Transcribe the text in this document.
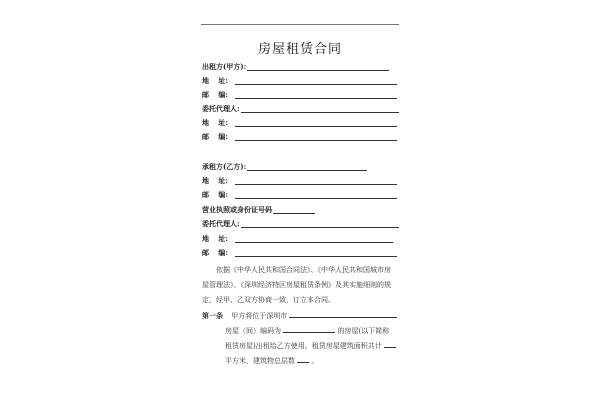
房屋租赁合同
出租方(甲方):
地　 址:
邮　 编:
委托代理人:
地　 址:
邮　 编:
承租方(乙方):
地　 址:
邮　 编:
营业执照或身份证号码
委托代理人:
地　 址:
邮　 编:
依据《中华人民共和国合同法》、《中华人民共和国城市房
屋管理法》、《深圳经济特区房屋租赁条例》及其实施细则的规
定，经甲、乙双方协商一致，订立本合同。
第一条 甲方将位于深圳市
房屋（间）编码为	的房屋(以下简称
租赁房屋)出租给乙方使用。租赁房屋建筑面积共计
平方米，建筑物总层数 。
